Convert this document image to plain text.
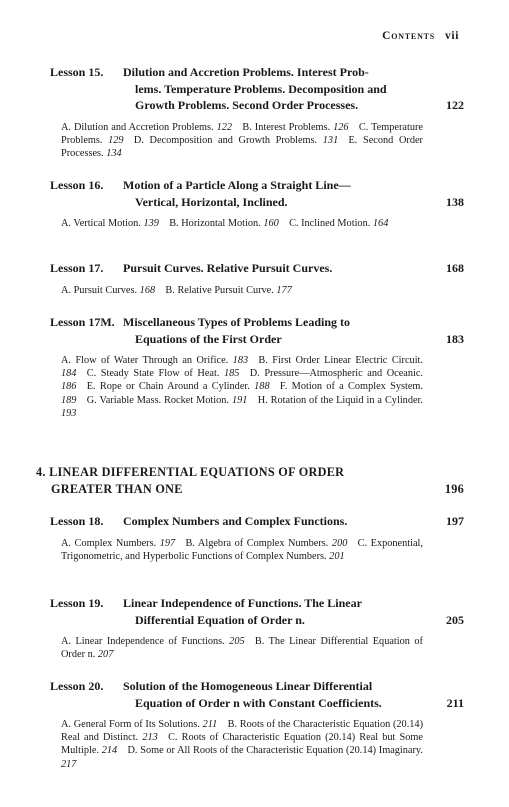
Contents vii
Lesson 15.	Dilution and Accretion Problems. Interest Prob-
lems. Temperature Problems. Decomposition and
Growth Problems. Second Order Processes.	122
A. Dilution and Accretion Problems. 122  B. Interest Problems. 126  C. Temperature Problems. 129  D. Decomposition and Growth Problems. 131  E. Second Order Processes. 134
Lesson 16.	Motion of a Particle Along a Straight Line—
Vertical, Horizontal, Inclined.	138
A. Vertical Motion. 139  B. Horizontal Motion. 160  C. Inclined Motion. 164
Lesson 17.	Pursuit Curves. Relative Pursuit Curves.	168
A. Pursuit Curves. 168  B. Relative Pursuit Curve. 177
Lesson 17M. Miscellaneous Types of Problems Leading to
Equations of the First Order	183
A. Flow of Water Through an Orifice. 183  B. First Order Linear Electric Circuit. 184  C. Steady State Flow of Heat. 185  D. Pressure—Atmospheric and Oceanic. 186  E. Rope or Chain Around a Cylinder. 188  F. Motion of a Complex System. 189  G. Variable Mass. Rocket Motion. 191  H. Rotation of the Liquid in a Cylinder. 193
4. LINEAR DIFFERENTIAL EQUATIONS OF ORDER
GREATER THAN ONE	196
Lesson 18.	Complex Numbers and Complex Functions.	197
A. Complex Numbers. 197  B. Algebra of Complex Numbers. 200  C. Exponential, Trigonometric, and Hyperbolic Functions of Complex Numbers. 201
Lesson 19.	Linear Independence of Functions. The Linear
Differential Equation of Order n.	205
A. Linear Independence of Functions. 205  B. The Linear Differential Equation of Order n. 207
Lesson 20.	Solution of the Homogeneous Linear Differential
Equation of Order n with Constant Coefficients.	211
A. General Form of Its Solutions. 211  B. Roots of the Characteristic Equation (20.14) Real and Distinct. 213  C. Roots of Characteristic Equation (20.14) Real but Some Multiple. 214  D. Some or All Roots of the Characteristic Equation (20.14) Imaginary. 217
